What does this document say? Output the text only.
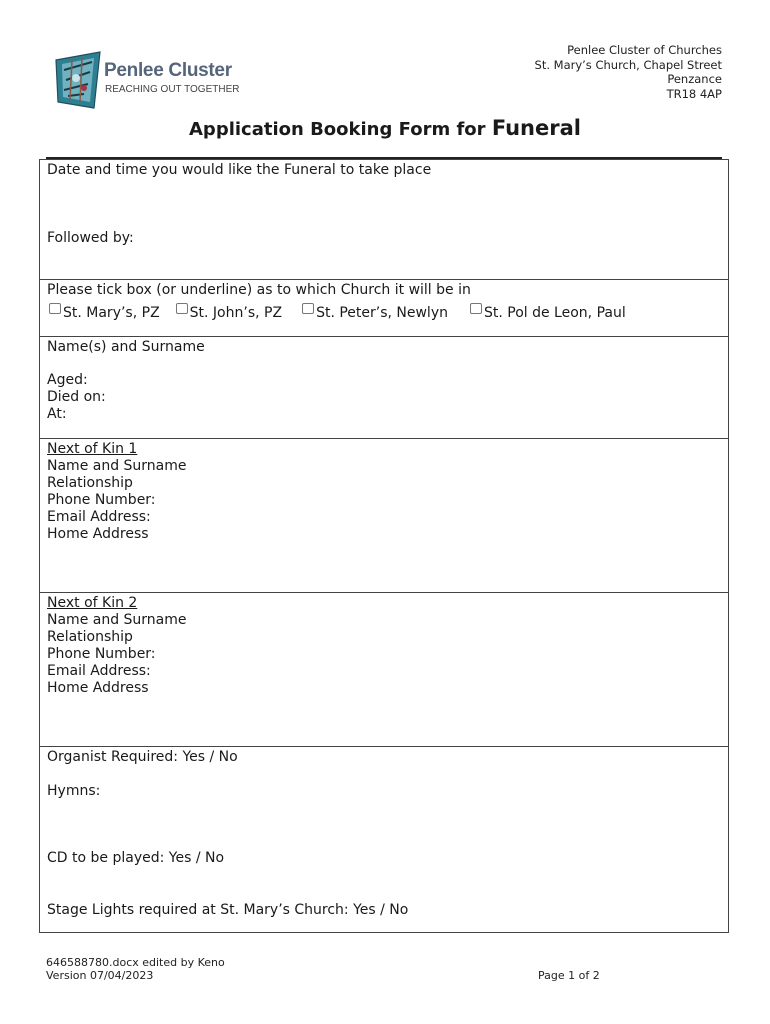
Penlee Cluster
REACHING OUT TOGETHER
Penlee Cluster of Churches
St. Mary’s Church, Chapel Street
Penzance
TR18 4AP
Application Booking Form for Funeral
Date and time you would like the Funeral to take place
Followed by:
Please tick box (or underline) as to which Church it will be in
St. Mary’s, PZ St. John’s, PZ St. Peter’s, Newlyn	St. Pol de Leon, Paul
Name(s) and Surname
Aged:
Died on:
At:
Next of Kin 1
Name and Surname
Relationship
Phone Number:
Email Address:
Home Address
Next of Kin 2
Name and Surname
Relationship
Phone Number:
Email Address:
Home Address
Organist Required: Yes / No
Hymns:
CD to be played: Yes / No
Stage Lights required at St. Mary’s Church: Yes / No
646588780.docx edited by Keno
Version 07/04/2023	Page 1 of 2
